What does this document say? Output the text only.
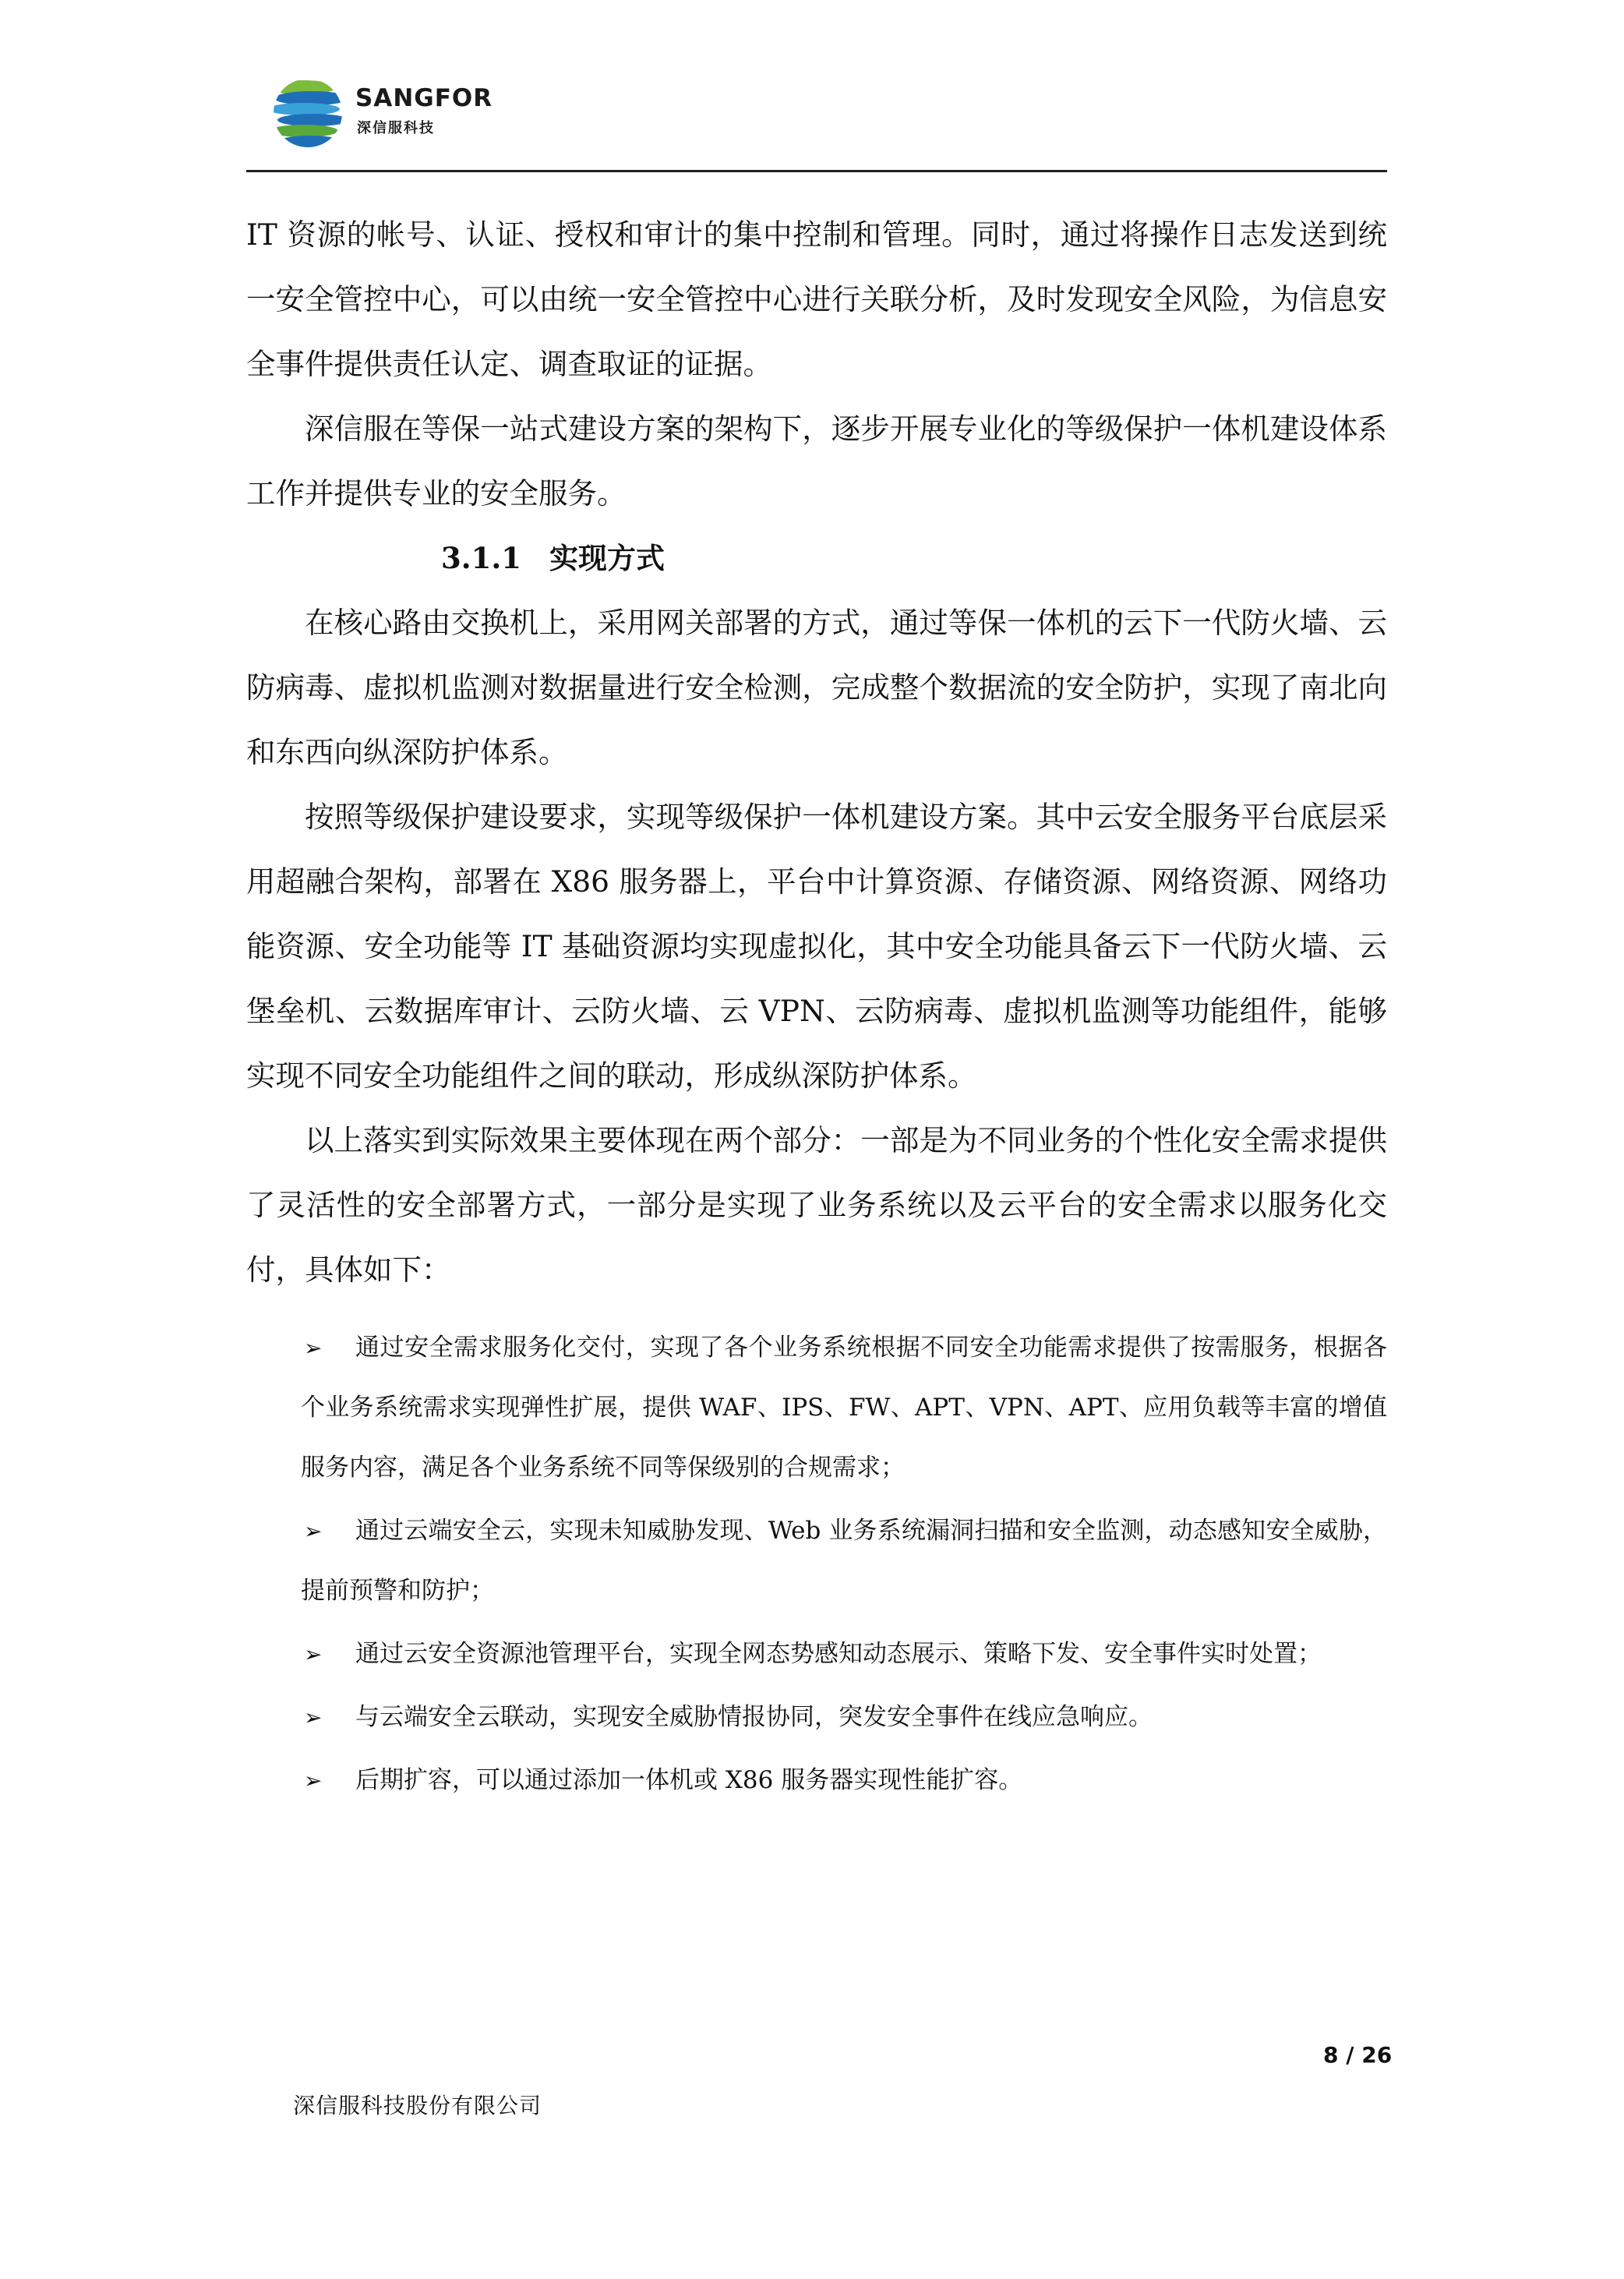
SANGFOR
深信服科技

IT 资源的帐号、认证、授权和审计的集中控制和管理。同时，通过将操作日志发送到统一安全管控中心，可以由统一安全管控中心进行关联分析，及时发现安全风险，为信息安全事件提供责任认定、调查取证的证据。

深信服在等保一站式建设方案的架构下，逐步开展专业化的等级保护一体机建设体系工作并提供专业的安全服务。

3.1.1 实现方式

在核心路由交换机上，采用网关部署的方式，通过等保一体机的云下一代防火墙、云防病毒、虚拟机监测对数据量进行安全检测，完成整个数据流的安全防护，实现了南北向和东西向纵深防护体系。

按照等级保护建设要求，实现等级保护一体机建设方案。其中云安全服务平台底层采用超融合架构，部署在 X86 服务器上，平台中计算资源、存储资源、网络资源、网络功能资源、安全功能等 IT 基础资源均实现虚拟化，其中安全功能具备云下一代防火墙、云堡垒机、云数据库审计、云防火墙、云 VPN、云防病毒、虚拟机监测等功能组件，能够实现不同安全功能组件之间的联动，形成纵深防护体系。

以上落实到实际效果主要体现在两个部分：一部是为不同业务的个性化安全需求提供了灵活性的安全部署方式，一部分是实现了业务系统以及云平台的安全需求以服务化交付，具体如下：

➢	通过安全需求服务化交付，实现了各个业务系统根据不同安全功能需求提供了按需服务，根据各个业务系统需求实现弹性扩展，提供 WAF、IPS、FW、APT、VPN、APT、应用负载等丰富的增值服务内容，满足各个业务系统不同等保级别的合规需求；
➢	通过云端安全云，实现未知威胁发现、Web 业务系统漏洞扫描和安全监测，动态感知安全威胁，提前预警和防护；
➢	通过云安全资源池管理平台，实现全网态势感知动态展示、策略下发、安全事件实时处置；
➢	与云端安全云联动，实现安全威胁情报协同，突发安全事件在线应急响应。
➢	后期扩容，可以通过添加一体机或 X86 服务器实现性能扩容。
8 / 26
深信服科技股份有限公司
